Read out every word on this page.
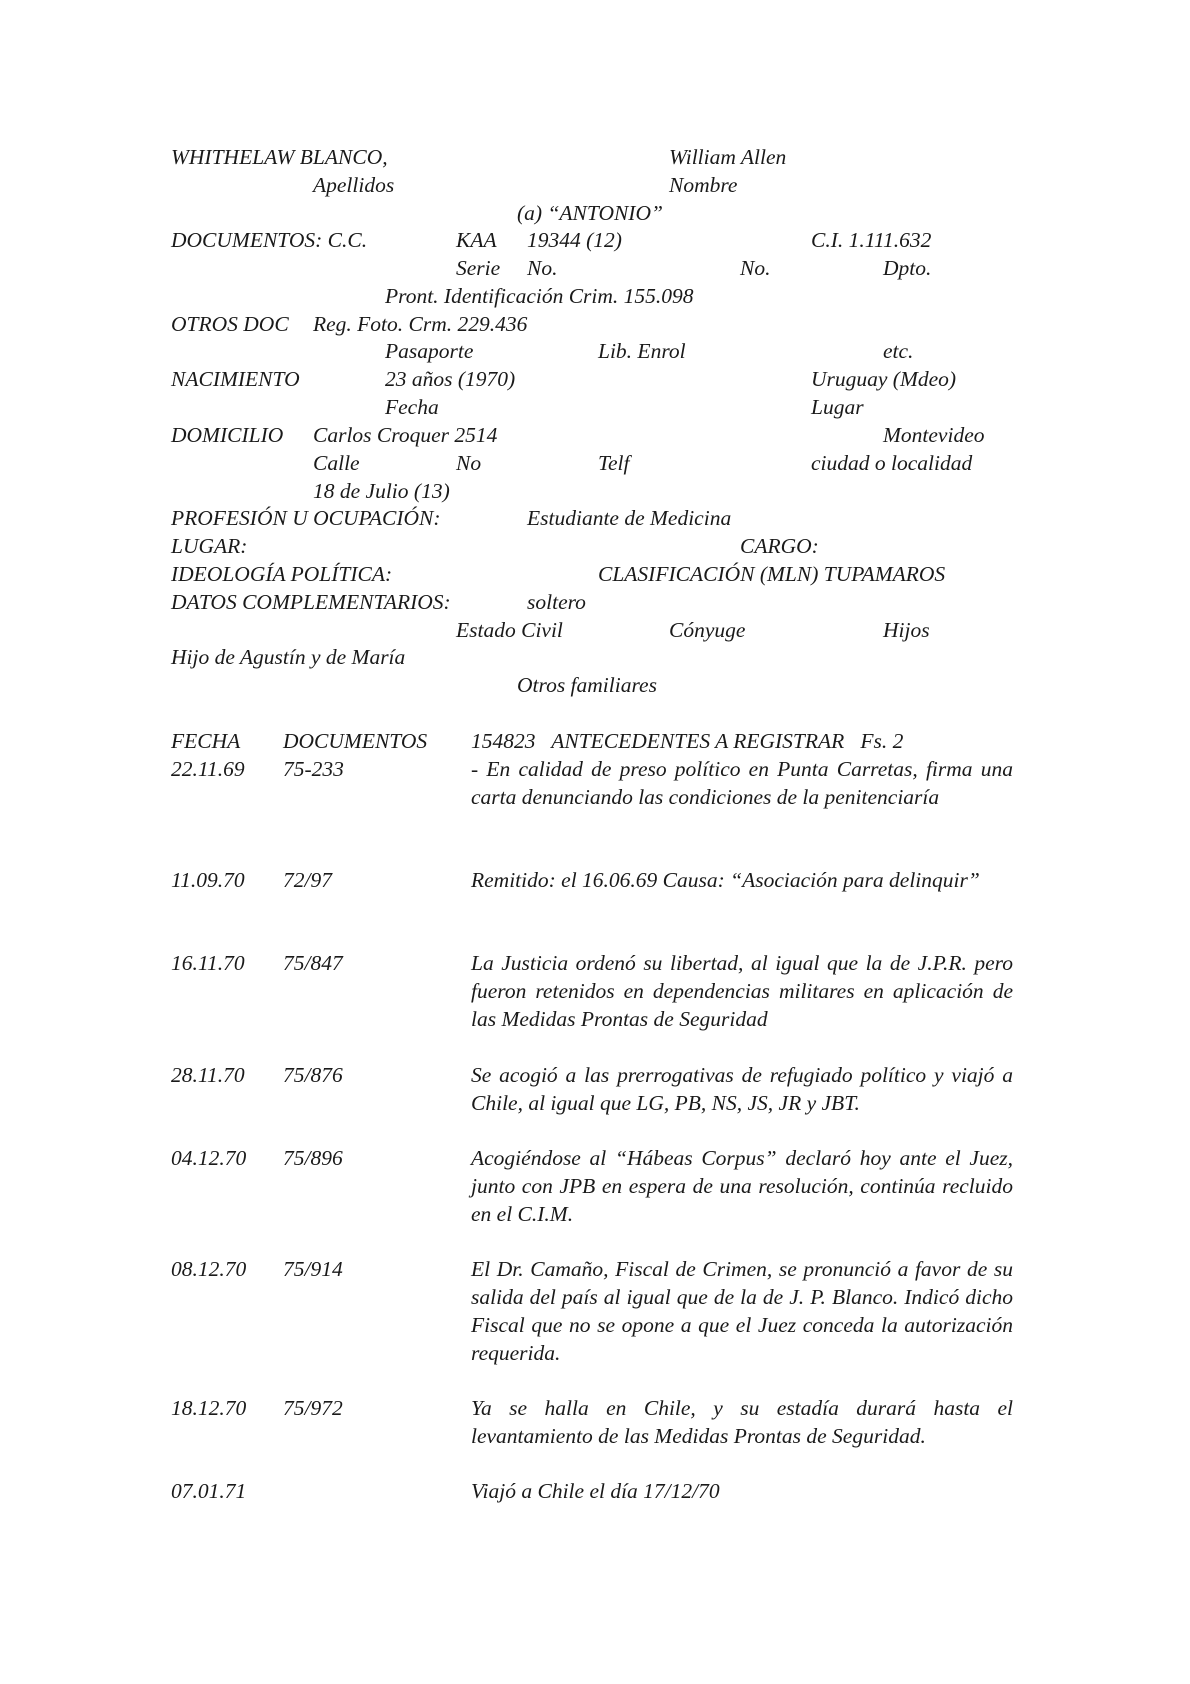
WHITHELAW BLANCO,	William Allen
Apellidos	Nombre
(a) “ANTONIO”
DOCUMENTOS: C.C.	KAA 19344 (12)	C.I. 1.111.632
Serie No.	No.	Dpto.
Pront. Identificación Crim. 155.098
OTROS DOC Reg. Foto. Crm. 229.436
Pasaporte	Lib. Enrol	etc.
NACIMIENTO	23 años (1970)	Uruguay (Mdeo)
Fecha	Lugar
DOMICILIO Carlos Croquer 2514	Montevideo
Calle	No	Telf	ciudad o localidad
18 de Julio (13)
PROFESIÓN U OCUPACIÓN:	Estudiante de Medicina
LUGAR:	CARGO:
IDEOLOGÍA POLÍTICA:	CLASIFICACIÓN (MLN) TUPAMAROS
DATOS COMPLEMENTARIOS:	soltero
Estado Civil	Cónyuge	Hijos
Hijo de Agustín y de María
Otros familiares
FECHA DOCUMENTOS 154823   ANTECEDENTES A REGISTRAR   Fs. 2
22.11.69 75-233	- En calidad de preso político en Punta Carretas, firma una carta denunciando las condiciones de la penitenciaría
11.09.70 72/97	Remitido: el 16.06.69 Causa: “Asociación para delinquir”
16.11.70 75/847	La Justicia ordenó su libertad, al igual que la de J.P.R. pero fueron retenidos en dependencias militares en aplicación de las Medidas Prontas de Seguridad
28.11.70 75/876	Se acogió a las prerrogativas de refugiado político y viajó a Chile, al igual que LG, PB, NS, JS, JR y JBT.
04.12.70 75/896	Acogiéndose al “Hábeas Corpus” declaró hoy ante el Juez, junto con JPB en espera de una resolución, continúa recluido en el C.I.M.
08.12.70 75/914	El Dr. Camaño, Fiscal de Crimen, se pronunció a favor de su salida del país al igual que de la de J. P. Blanco. Indicó dicho Fiscal que no se opone a que el Juez conceda la autorización requerida.
18.12.70 75/972	Ya se halla en Chile, y su estadía durará hasta el levantamiento de las Medidas Prontas de Seguridad.
07.01.71	Viajó a Chile el día 17/12/70
